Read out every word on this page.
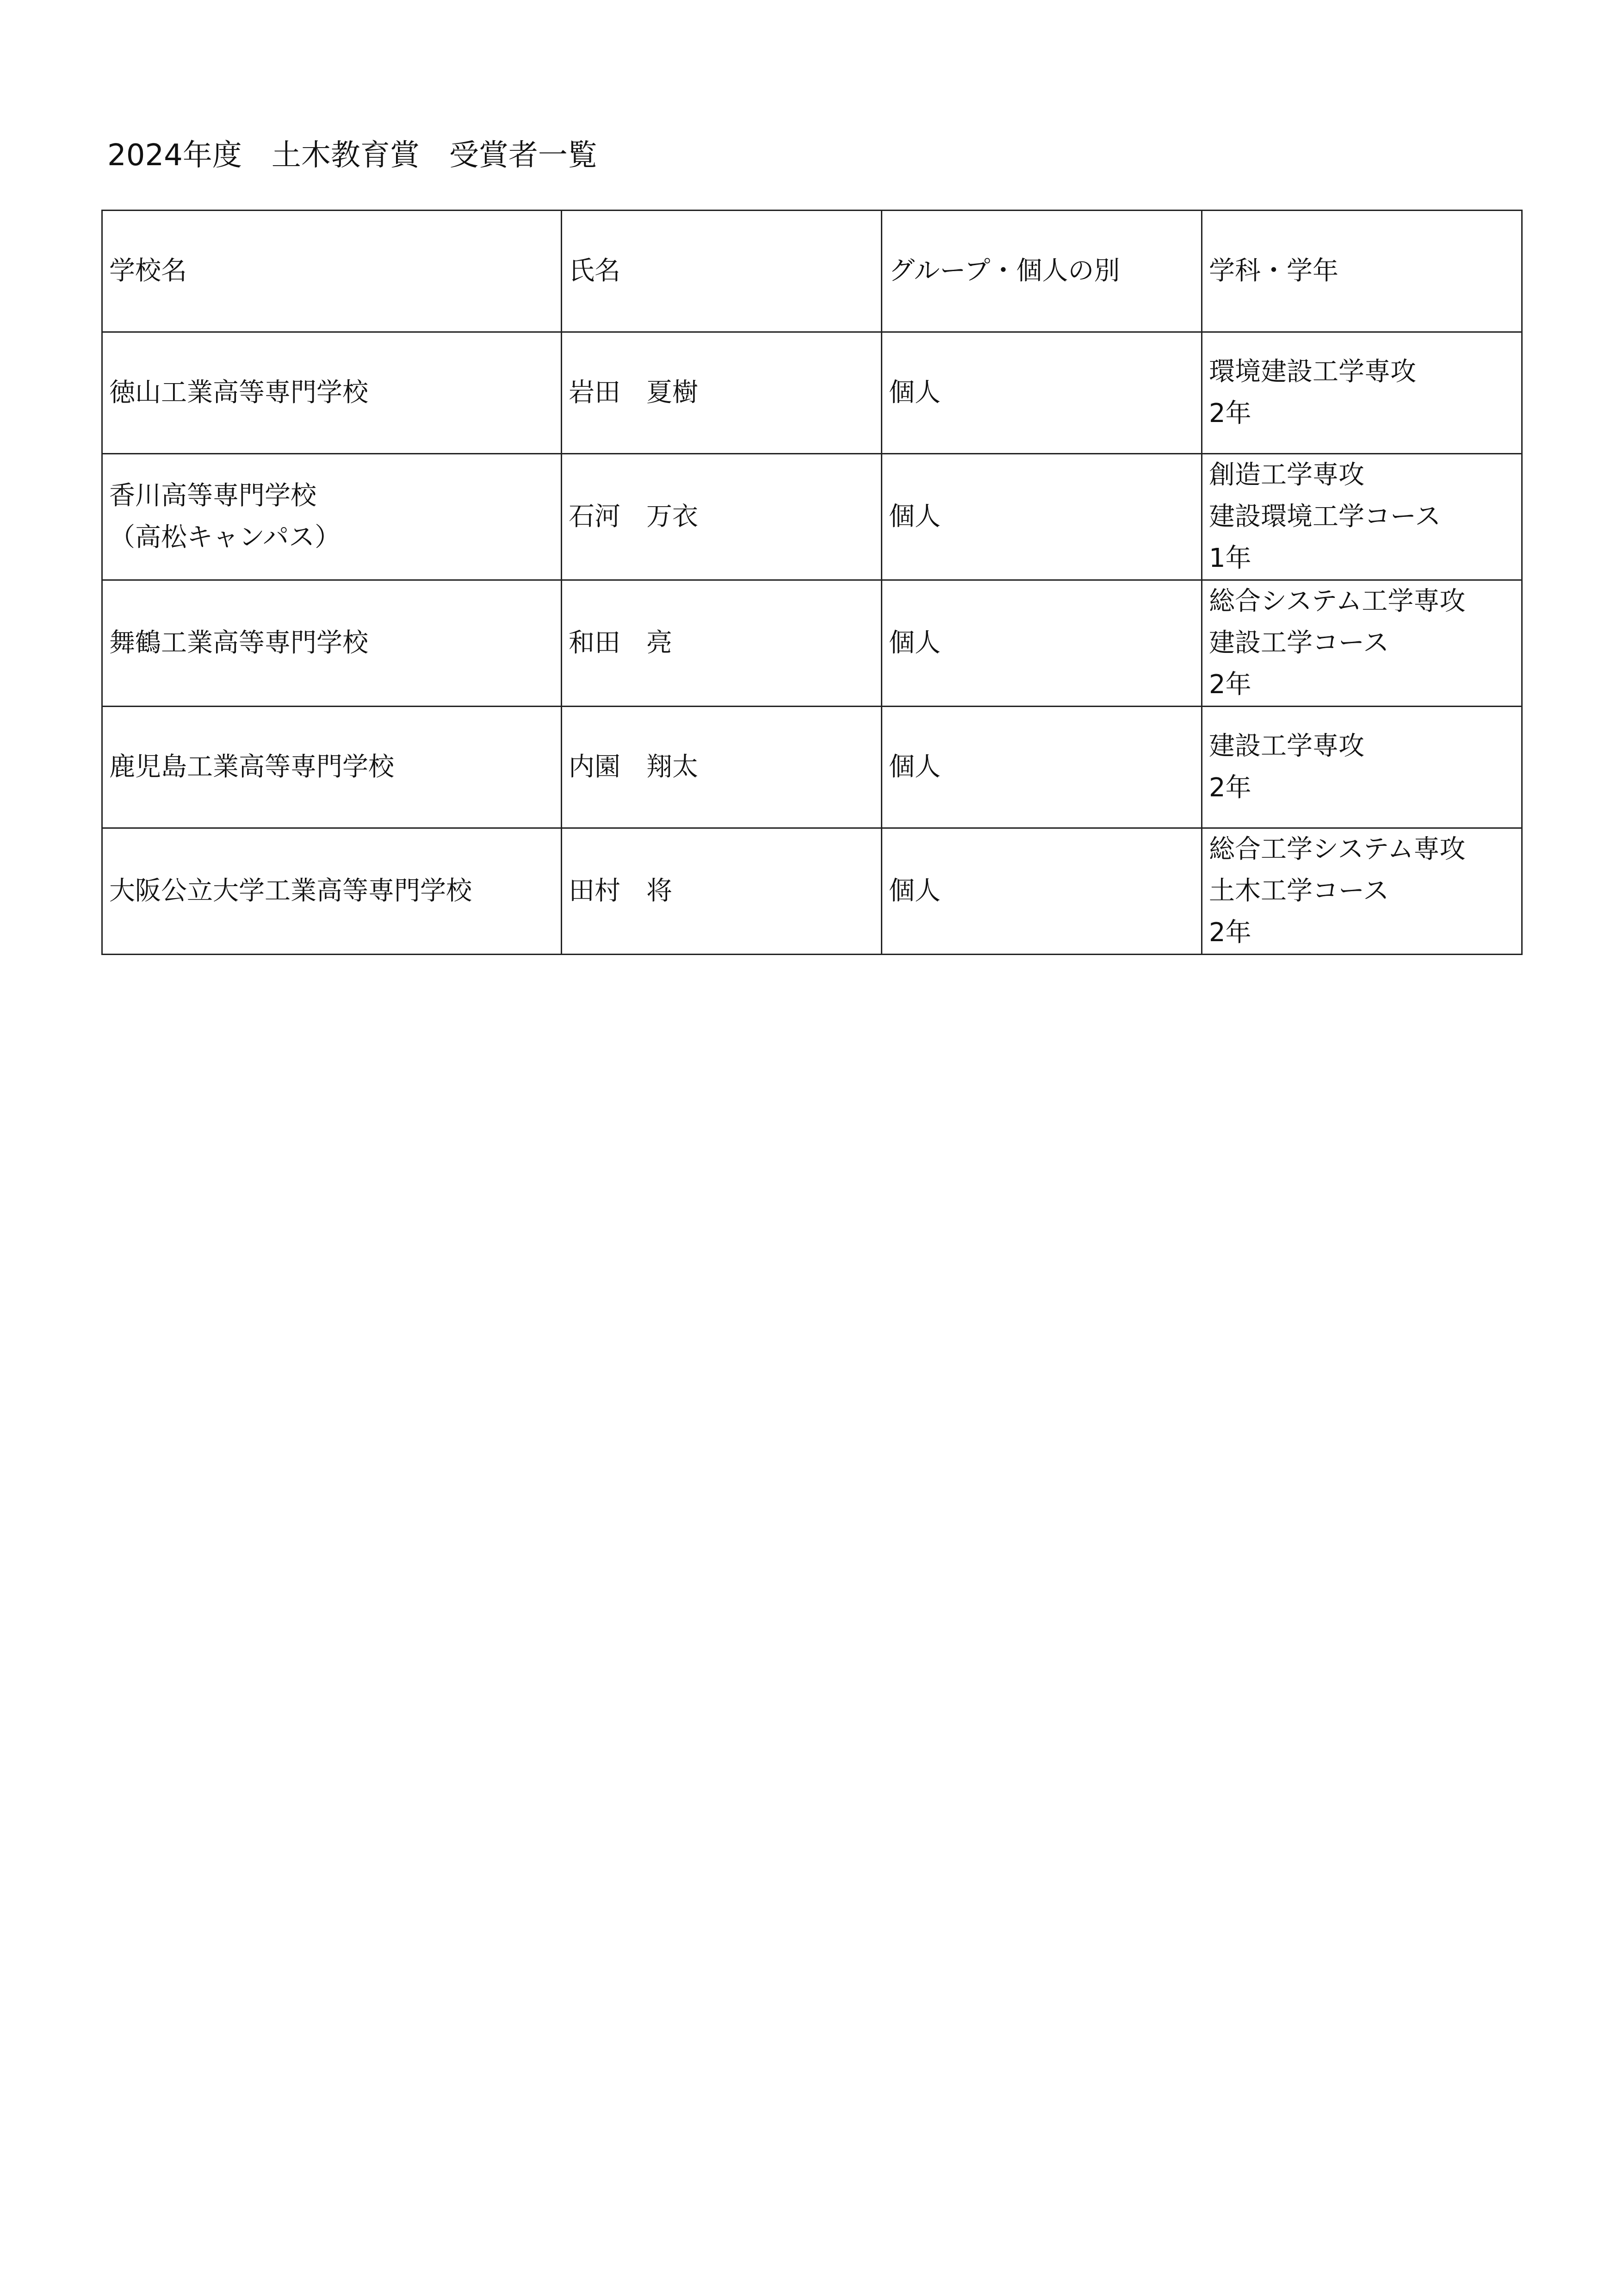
2024年度　土木教育賞　受賞者一覧
学校名	氏名	グループ・個人の別	学科・学年

徳山工業高等専門学校	岩田　夏樹	個人	環境建設工学専攻
2年

香川高等専門学校
（高松キャンパス）	石河　万衣	個人	創造工学専攻
建設環境工学コース
1年

舞鶴工業高等専門学校	和田　亮	個人	総合システム工学専攻
建設工学コース
2年

鹿児島工業高等専門学校	内園　翔太	個人	建設工学専攻
2年

大阪公立大学工業高等専門学校	田村　将	個人	総合工学システム専攻
土木工学コース
2年
